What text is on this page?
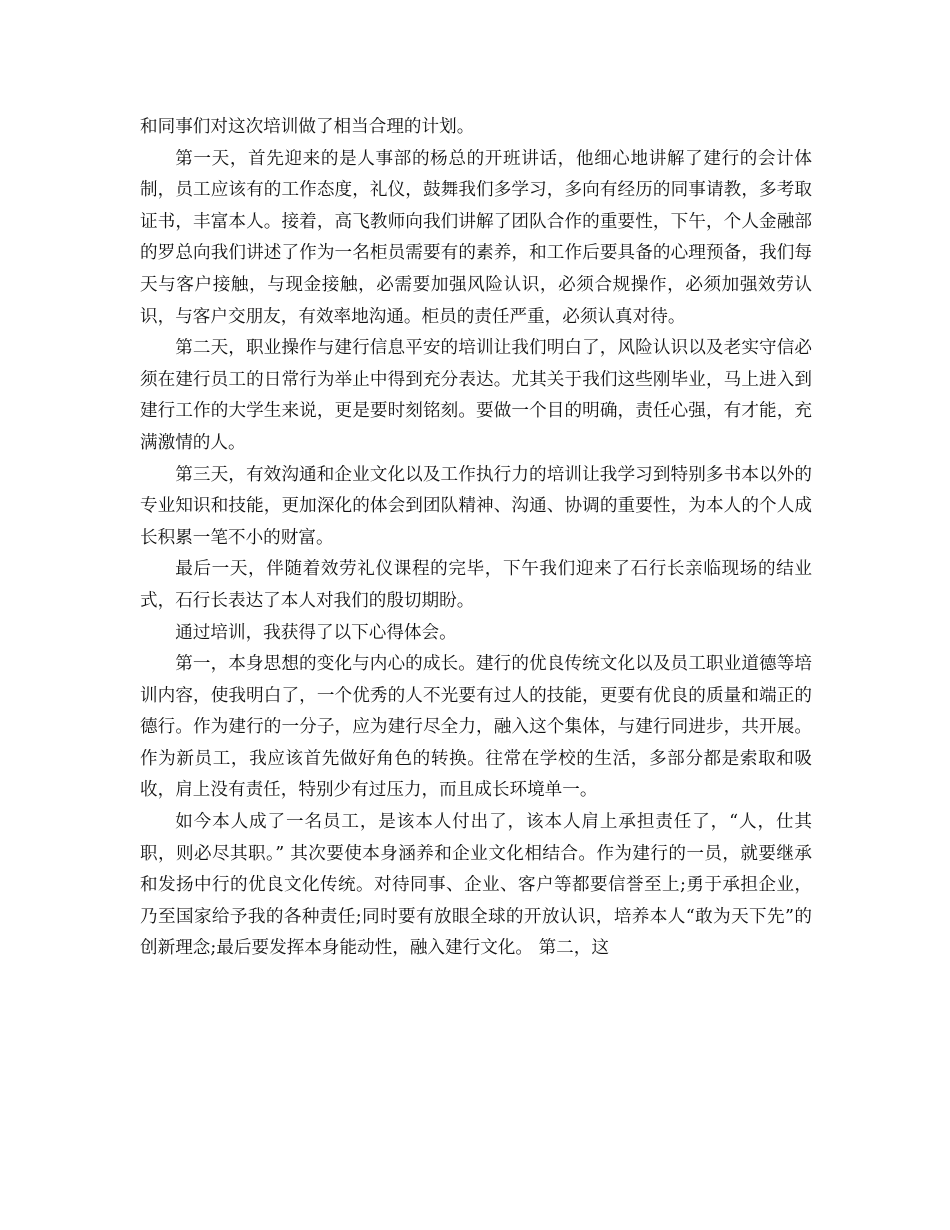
和同事们对这次培训做了相当合理的计划。

第一天，首先迎来的是人事部的杨总的开班讲话，他细心地讲解了建行的会计体制，员工应该有的工作态度，礼仪，鼓舞我们多学习，多向有经历的同事请教，多考取证书，丰富本人。接着，高飞教师向我们讲解了团队合作的重要性，下午，个人金融部的罗总向我们讲述了作为一名柜员需要有的素养，和工作后要具备的心理预备，我们每天与客户接触，与现金接触，必需要加强风险认识，必须合规操作，必须加强效劳认识，与客户交朋友，有效率地沟通。柜员的责任严重，必须认真对待。

第二天，职业操作与建行信息平安的培训让我们明白了，风险认识以及老实守信必须在建行员工的日常行为举止中得到充分表达。尤其关于我们这些刚毕业，马上进入到建行工作的大学生来说，更是要时刻铭刻。要做一个目的明确，责任心强，有才能，充满激情的人。

第三天，有效沟通和企业文化以及工作执行力的培训让我学习到特别多书本以外的专业知识和技能，更加深化的体会到团队精神、沟通、协调的重要性，为本人的个人成长积累一笔不小的财富。

最后一天，伴随着效劳礼仪课程的完毕，下午我们迎来了石行长亲临现场的结业式，石行长表达了本人对我们的殷切期盼。

通过培训，我获得了以下心得体会。

第一，本身思想的变化与内心的成长。建行的优良传统文化以及员工职业道德等培训内容，使我明白了，一个优秀的人不光要有过人的技能，更要有优良的质量和端正的德行。作为建行的一分子，应为建行尽全力，融入这个集体，与建行同进步，共开展。作为新员工，我应该首先做好角色的转换。往常在学校的生活，多部分都是索取和吸收，肩上没有责任，特别少有过压力，而且成长环境单一。

如今本人成了一名员工，是该本人付出了，该本人肩上承担责任了，“人，仕其职，则必尽其职。” 其次要使本身涵养和企业文化相结合。作为建行的一员，就要继承和发扬中行的优良文化传统。对待同事、企业、客户等都要信誉至上;勇于承担企业，乃至国家给予我的各种责任;同时要有放眼全球的开放认识，培养本人“敢为天下先”的创新理念;最后要发挥本身能动性，融入建行文化。 第二，这
